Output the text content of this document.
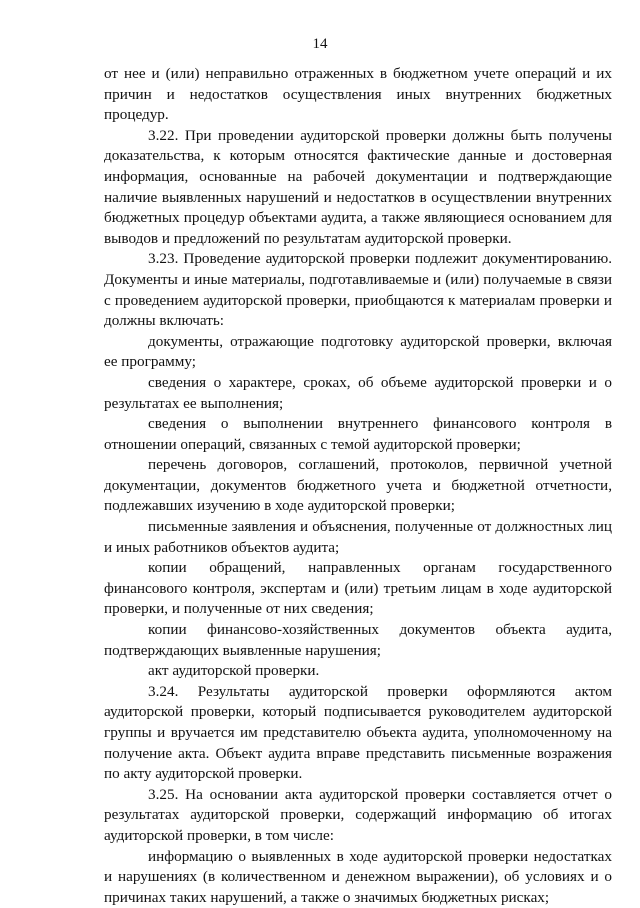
14

от нее и (или) неправильно отраженных в бюджетном учете операций и их причин и недостатков осуществления иных внутренних бюджетных процедур.

3.22. При проведении аудиторской проверки должны быть получены доказательства, к которым относятся фактические данные и достоверная информация, основанные на рабочей документации и подтверждающие наличие выявленных нарушений и недостатков в осуществлении внутренних бюджетных процедур объектами аудита, а также являющиеся основанием для выводов и предложений по результатам аудиторской проверки.

3.23. Проведение аудиторской проверки подлежит документированию. Документы и иные материалы, подготавливаемые и (или) получаемые в связи с проведением аудиторской проверки, приобщаются к материалам проверки и должны включать:

документы, отражающие подготовку аудиторской проверки, включая ее программу;

сведения о характере, сроках, об объеме аудиторской проверки и о результатах ее выполнения;

сведения о выполнении внутреннего финансового контроля в отношении операций, связанных с темой аудиторской проверки;

перечень договоров, соглашений, протоколов, первичной учетной документации, документов бюджетного учета и бюджетной отчетности, подлежавших изучению в ходе аудиторской проверки;

письменные заявления и объяснения, полученные от должностных лиц и иных работников объектов аудита;

копии обращений, направленных органам государственного финансового контроля, экспертам и (или) третьим лицам в ходе аудиторской проверки, и полученные от них сведения;

копии финансово-хозяйственных документов объекта аудита, подтверждающих выявленные нарушения;

акт аудиторской проверки.

3.24. Результаты аудиторской проверки оформляются актом аудиторской проверки, который подписывается руководителем аудиторской группы и вручается им представителю объекта аудита, уполномоченному на получение акта. Объект аудита вправе представить письменные возражения по акту аудиторской проверки.

3.25. На основании акта аудиторской проверки составляется отчет о результатах аудиторской проверки, содержащий информацию об итогах аудиторской проверки, в том числе:

информацию о выявленных в ходе аудиторской проверки недостатках и нарушениях (в количественном и денежном выражении), об условиях и о причинах таких нарушений, а также о значимых бюджетных рисках;
